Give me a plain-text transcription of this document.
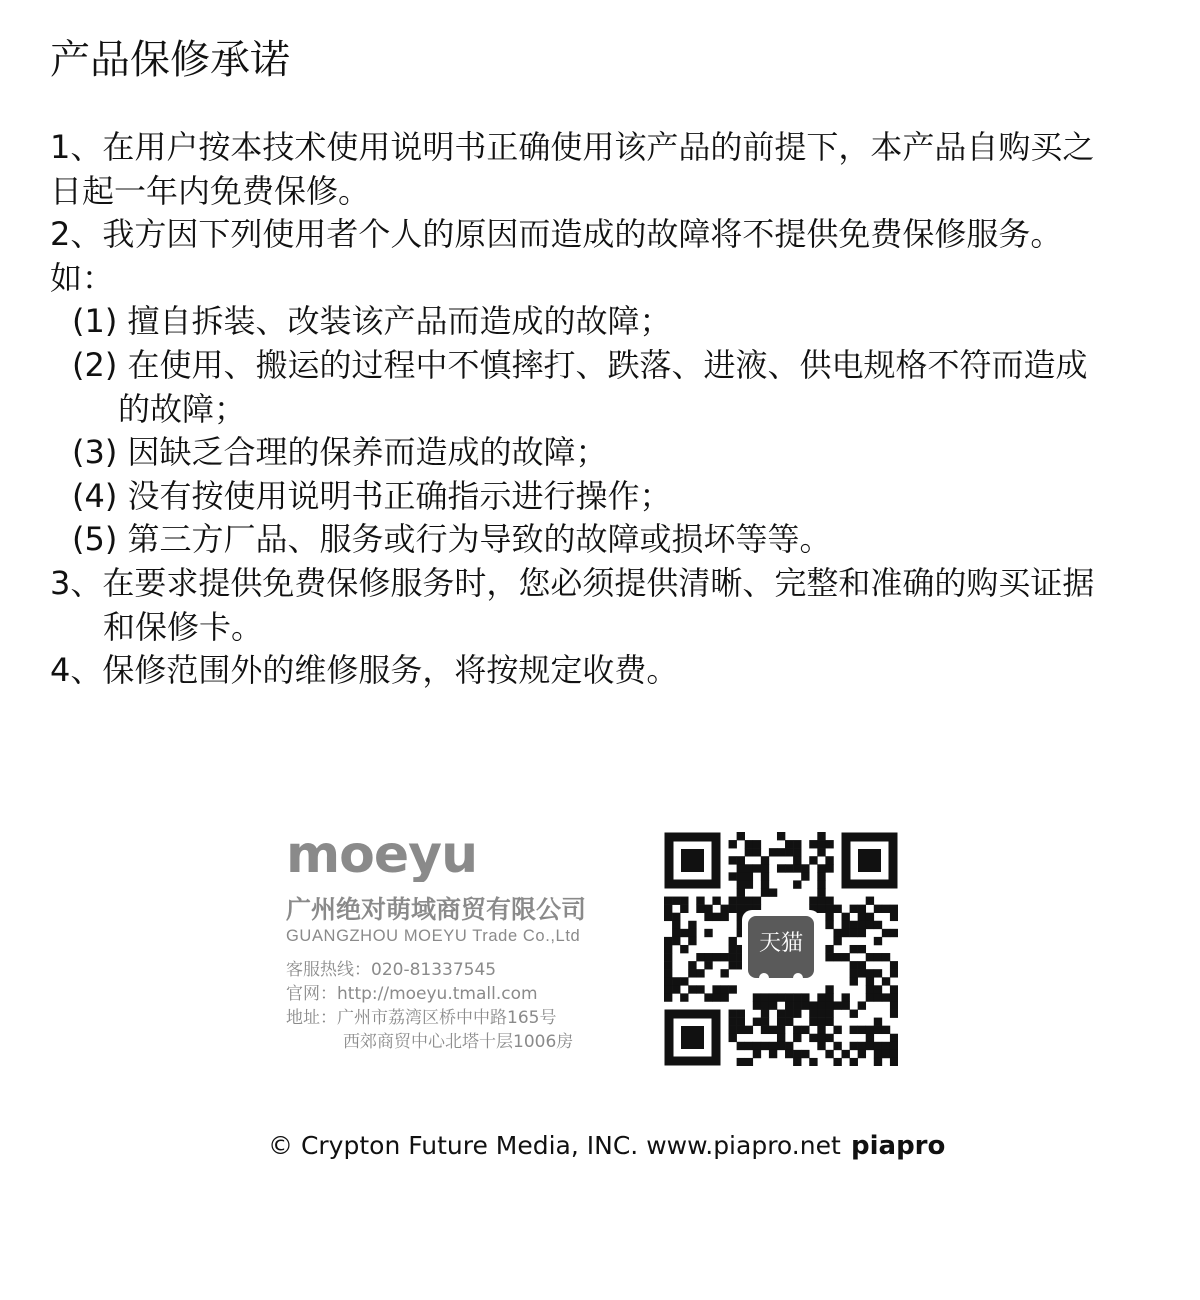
产品保修承诺
1、在用户按本技术使用说明书正确使用该产品的前提下，本产品自购买之
日起一年内免费保修。
2、我方因下列使用者个人的原因而造成的故障将不提供免费保修服务。
如：
(1) 擅自拆装、改装该产品而造成的故障；
(2) 在使用、搬运的过程中不慎摔打、跌落、进液、供电规格不符而造成
的故障；
(3) 因缺乏合理的保养而造成的故障；
(4) 没有按使用说明书正确指示进行操作；
(5) 第三方厂品、服务或行为导致的故障或损坏等等。
3、在要求提供免费保修服务时，您必须提供清晰、完整和准确的购买证据
和保修卡。
4、保修范围外的维修服务，将按规定收费。
moeyu
广州绝对萌域商贸有限公司
GUANGZHOU MOEYU Trade Co.,Ltd
客服热线：020-81337545
官网：http://moeyu.tmall.com
地址：广州市荔湾区桥中中路165号
西郊商贸中心北塔十层1006房
天猫
© Crypton Future Media, INC. www.piapro.net piapro
